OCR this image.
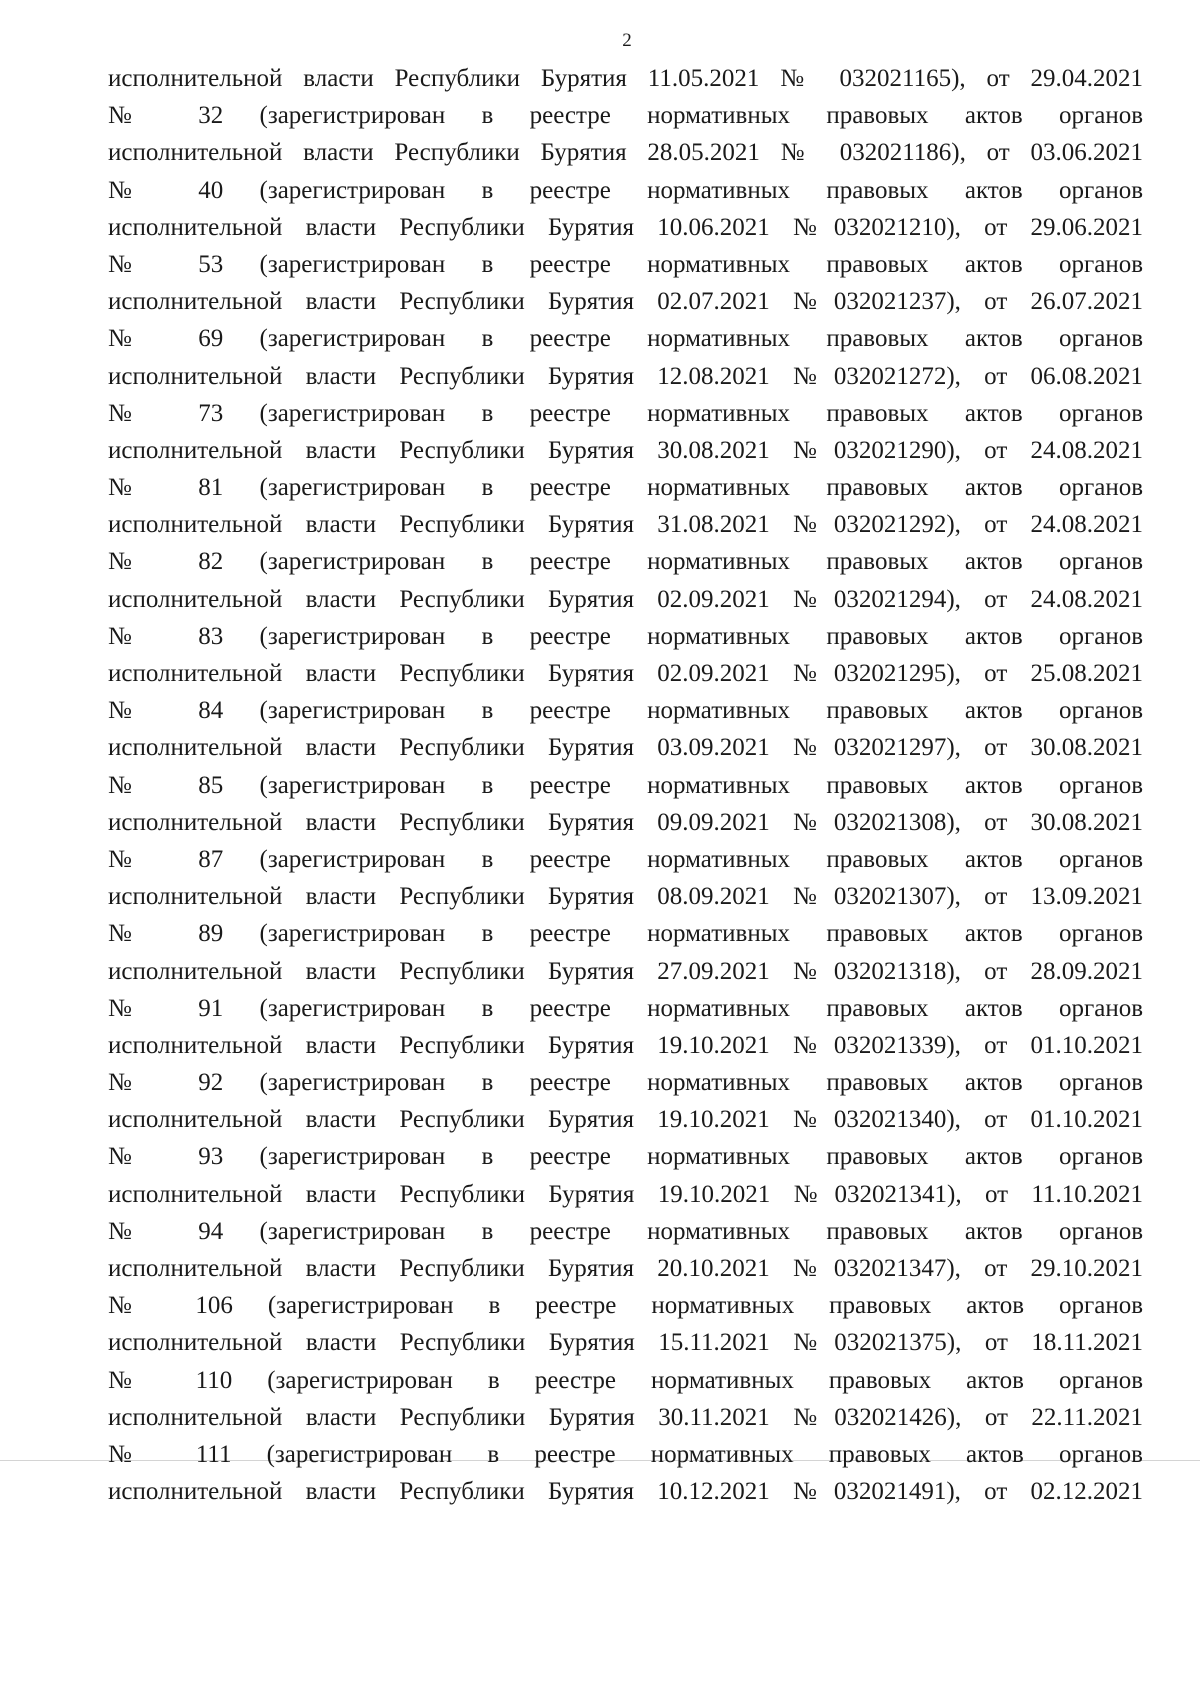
2
исполнительной власти Республики Бурятия 11.05.2021 № 032021165), от 29.04.2021
№ 32 (зарегистрирован в реестре нормативных правовых актов органов
исполнительной власти Республики Бурятия 28.05.2021 № 032021186), от 03.06.2021
№ 40 (зарегистрирован в реестре нормативных правовых актов органов
исполнительной власти Республики Бурятия 10.06.2021 №032021210), от 29.06.2021
№ 53 (зарегистрирован в реестре нормативных правовых актов органов
исполнительной власти Республики Бурятия 02.07.2021 №032021237), от 26.07.2021
№ 69 (зарегистрирован в реестре нормативных правовых актов органов
исполнительной власти Республики Бурятия 12.08.2021 №032021272), от 06.08.2021
№ 73 (зарегистрирован в реестре нормативных правовых актов органов
исполнительной власти Республики Бурятия 30.08.2021 №032021290), от 24.08.2021
№ 81 (зарегистрирован в реестре нормативных правовых актов органов
исполнительной власти Республики Бурятия 31.08.2021 №032021292), от 24.08.2021
№ 82 (зарегистрирован в реестре нормативных правовых актов органов
исполнительной власти Республики Бурятия 02.09.2021 №032021294), от 24.08.2021
№ 83 (зарегистрирован в реестре нормативных правовых актов органов
исполнительной власти Республики Бурятия 02.09.2021 №032021295), от 25.08.2021
№ 84 (зарегистрирован в реестре нормативных правовых актов органов
исполнительной власти Республики Бурятия 03.09.2021 №032021297), от 30.08.2021
№ 85 (зарегистрирован в реестре нормативных правовых актов органов
исполнительной власти Республики Бурятия 09.09.2021 №032021308), от 30.08.2021
№ 87 (зарегистрирован в реестре нормативных правовых актов органов
исполнительной власти Республики Бурятия 08.09.2021 №032021307), от 13.09.2021
№ 89 (зарегистрирован в реестре нормативных правовых актов органов
исполнительной власти Республики Бурятия 27.09.2021 №032021318), от 28.09.2021
№ 91 (зарегистрирован в реестре нормативных правовых актов органов
исполнительной власти Республики Бурятия 19.10.2021 №032021339), от 01.10.2021
№ 92 (зарегистрирован в реестре нормативных правовых актов органов
исполнительной власти Республики Бурятия 19.10.2021 №032021340), от 01.10.2021
№ 93 (зарегистрирован в реестре нормативных правовых актов органов
исполнительной власти Республики Бурятия 19.10.2021 №032021341), от 11.10.2021
№ 94 (зарегистрирован в реестре нормативных правовых актов органов
исполнительной власти Республики Бурятия 20.10.2021 №032021347), от 29.10.2021
№ 106 (зарегистрирован в реестре нормативных правовых актов органов
исполнительной власти Республики Бурятия 15.11.2021 №032021375), от 18.11.2021
№ 110 (зарегистрирован в реестре нормативных правовых актов органов
исполнительной власти Республики Бурятия 30.11.2021 №032021426), от 22.11.2021
№ 111 (зарегистрирован в реестре нормативных правовых актов органов
исполнительной власти Республики Бурятия 10.12.2021 №032021491), от 02.12.2021
